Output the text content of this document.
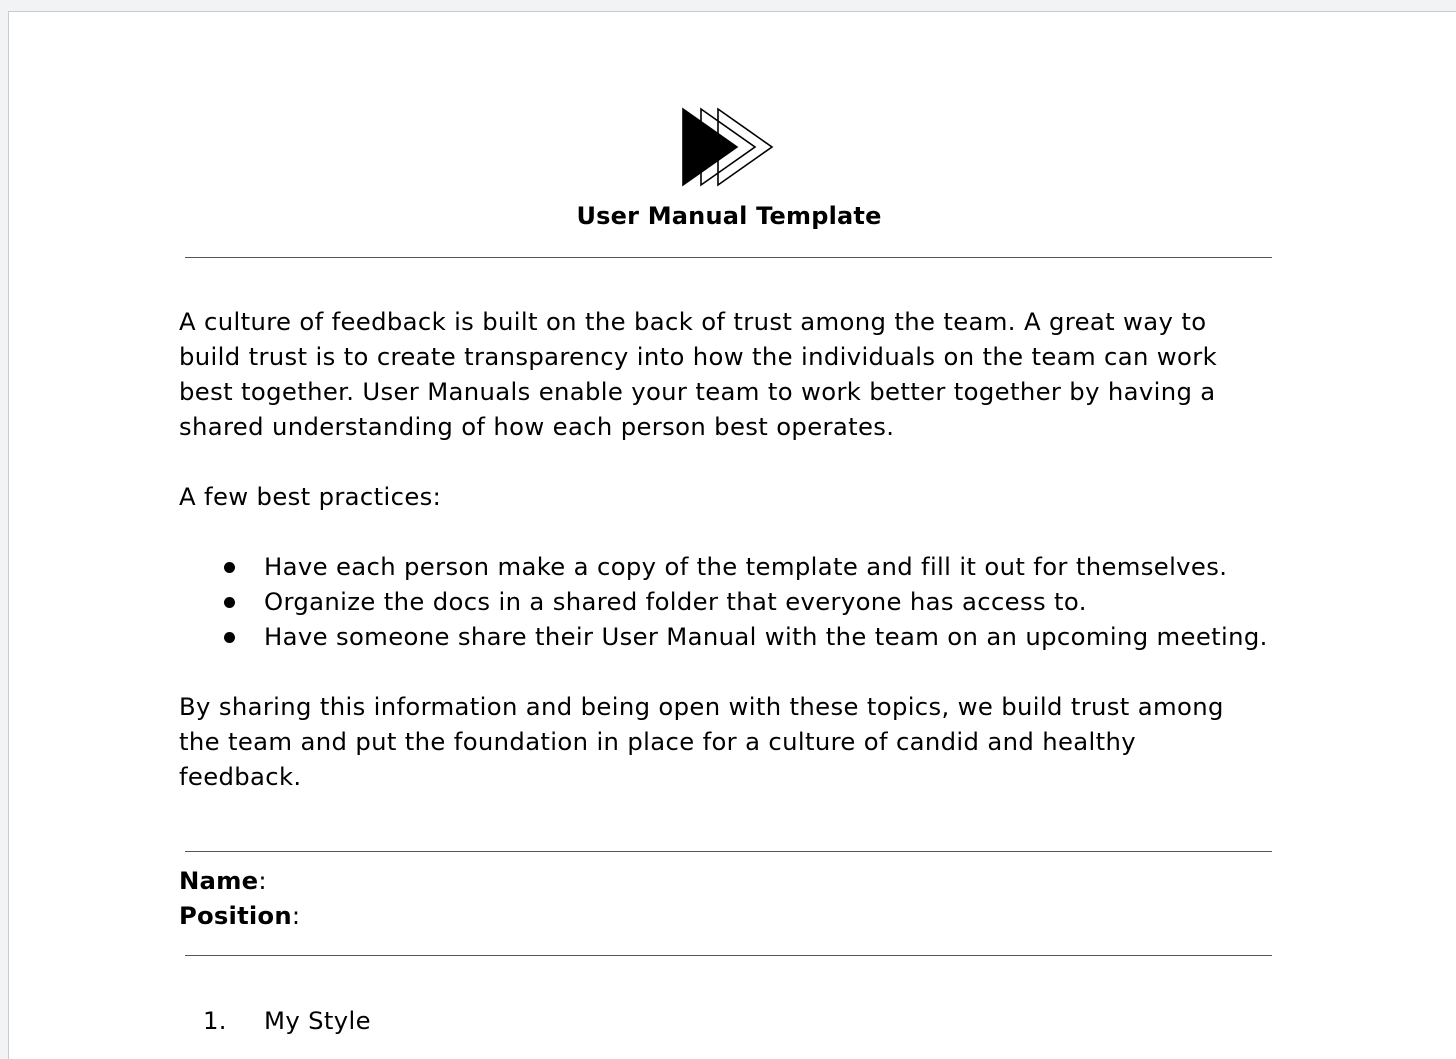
User Manual Template
A culture of feedback is built on the back of trust among the team. A great way to
build trust is to create transparency into how the individuals on the team can work
best together. User Manuals enable your team to work better together by having a
shared understanding of how each person best operates.
A few best practices:
Have each person make a copy of the template and fill it out for themselves.
Organize the docs in a shared folder that everyone has access to.
Have someone share their User Manual with the team on an upcoming meeting.
By sharing this information and being open with these topics, we build trust among
the team and put the foundation in place for a culture of candid and healthy
feedback.
Name:
Position:
1. My Style
